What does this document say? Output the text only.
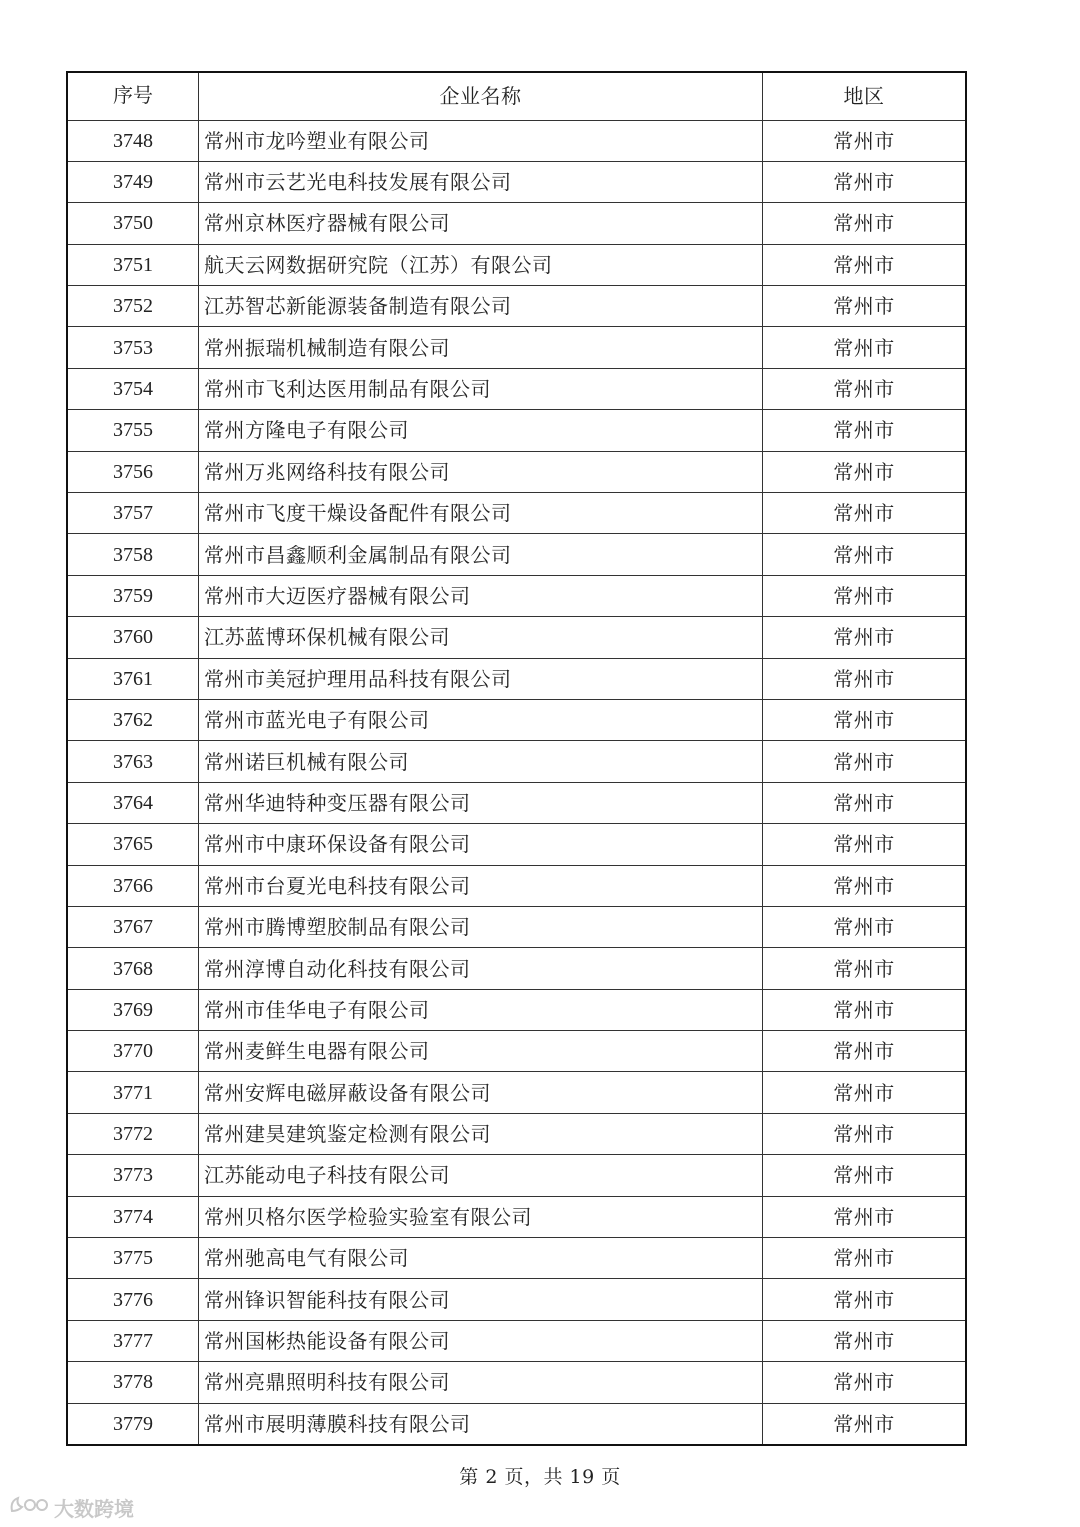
序号	企业名称	地区
3748	常州市龙吟塑业有限公司	常州市
3749	常州市云艺光电科技发展有限公司	常州市
3750	常州京林医疗器械有限公司	常州市
3751	航天云网数据研究院（江苏）有限公司	常州市
3752	江苏智芯新能源装备制造有限公司	常州市
3753	常州振瑞机械制造有限公司	常州市
3754	常州市飞利达医用制品有限公司	常州市
3755	常州方隆电子有限公司	常州市
3756	常州万兆网络科技有限公司	常州市
3757	常州市飞度干燥设备配件有限公司	常州市
3758	常州市昌鑫顺利金属制品有限公司	常州市
3759	常州市大迈医疗器械有限公司	常州市
3760	江苏蓝博环保机械有限公司	常州市
3761	常州市美冠护理用品科技有限公司	常州市
3762	常州市蓝光电子有限公司	常州市
3763	常州诺巨机械有限公司	常州市
3764	常州华迪特种变压器有限公司	常州市
3765	常州市中康环保设备有限公司	常州市
3766	常州市台夏光电科技有限公司	常州市
3767	常州市腾博塑胶制品有限公司	常州市
3768	常州淳博自动化科技有限公司	常州市
3769	常州市佳华电子有限公司	常州市
3770	常州麦鲜生电器有限公司	常州市
3771	常州安辉电磁屏蔽设备有限公司	常州市
3772	常州建昊建筑鉴定检测有限公司	常州市
3773	江苏能动电子科技有限公司	常州市
3774	常州贝格尔医学检验实验室有限公司	常州市
3775	常州驰高电气有限公司	常州市
3776	常州锋识智能科技有限公司	常州市
3777	常州国彬热能设备有限公司	常州市
3778	常州亮鼎照明科技有限公司	常州市
3779	常州市展明薄膜科技有限公司	常州市
第 2 页，共 19 页
大数跨境
